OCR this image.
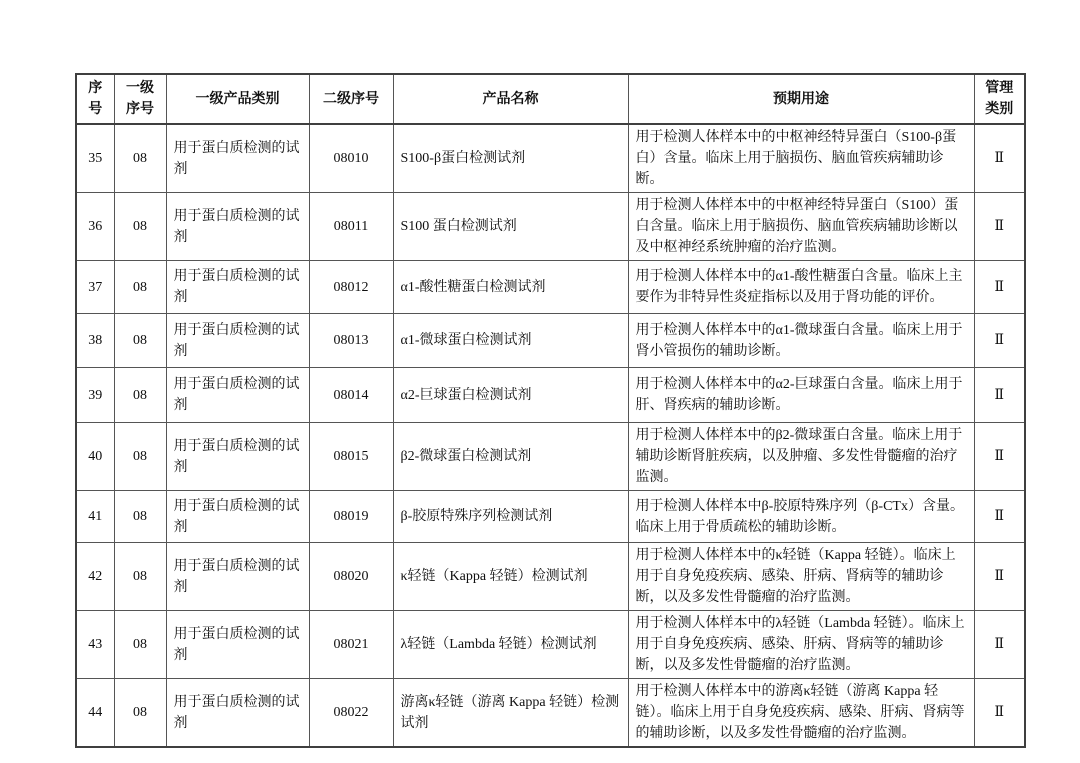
序号	一级序号	一级产品类别	二级序号	产品名称	预期用途	管理类别
35	08	用于蛋白质检测的试剂	08010	S100-β蛋白检测试剂	用于检测人体样本中的中枢神经特异蛋白（S100-β蛋白）含量。临床上用于脑损伤、脑血管疾病辅助诊断。	Ⅱ
36	08	用于蛋白质检测的试剂	08011	S100 蛋白检测试剂	用于检测人体样本中的中枢神经特异蛋白（S100）蛋白含量。临床上用于脑损伤、脑血管疾病辅助诊断以及中枢神经系统肿瘤的治疗监测。	Ⅱ
37	08	用于蛋白质检测的试剂	08012	α1-酸性糖蛋白检测试剂	用于检测人体样本中的α1-酸性糖蛋白含量。临床上主要作为非特异性炎症指标以及用于肾功能的评价。	Ⅱ
38	08	用于蛋白质检测的试剂	08013	α1-微球蛋白检测试剂	用于检测人体样本中的α1-微球蛋白含量。临床上用于肾小管损伤的辅助诊断。	Ⅱ
39	08	用于蛋白质检测的试剂	08014	α2-巨球蛋白检测试剂	用于检测人体样本中的α2-巨球蛋白含量。临床上用于肝、肾疾病的辅助诊断。	Ⅱ
40	08	用于蛋白质检测的试剂	08015	β2-微球蛋白检测试剂	用于检测人体样本中的β2-微球蛋白含量。临床上用于辅助诊断肾脏疾病，以及肿瘤、多发性骨髓瘤的治疗监测。	Ⅱ
41	08	用于蛋白质检测的试剂	08019	β-胶原特殊序列检测试剂	用于检测人体样本中β-胶原特殊序列（β-CTx）含量。临床上用于骨质疏松的辅助诊断。	Ⅱ
42	08	用于蛋白质检测的试剂	08020	κ轻链（Kappa 轻链）检测试剂	用于检测人体样本中的κ轻链（Kappa 轻链）。临床上用于自身免疫疾病、感染、肝病、肾病等的辅助诊断，以及多发性骨髓瘤的治疗监测。	Ⅱ
43	08	用于蛋白质检测的试剂	08021	λ轻链（Lambda 轻链）检测试剂	用于检测人体样本中的λ轻链（Lambda 轻链）。临床上用于自身免疫疾病、感染、肝病、肾病等的辅助诊断，以及多发性骨髓瘤的治疗监测。	Ⅱ
44	08	用于蛋白质检测的试剂	08022	游离κ轻链（游离 Kappa 轻链）检测试剂	用于检测人体样本中的游离κ轻链（游离 Kappa 轻链）。临床上用于自身免疫疾病、感染、肝病、肾病等的辅助诊断，以及多发性骨髓瘤的治疗监测。	Ⅱ
